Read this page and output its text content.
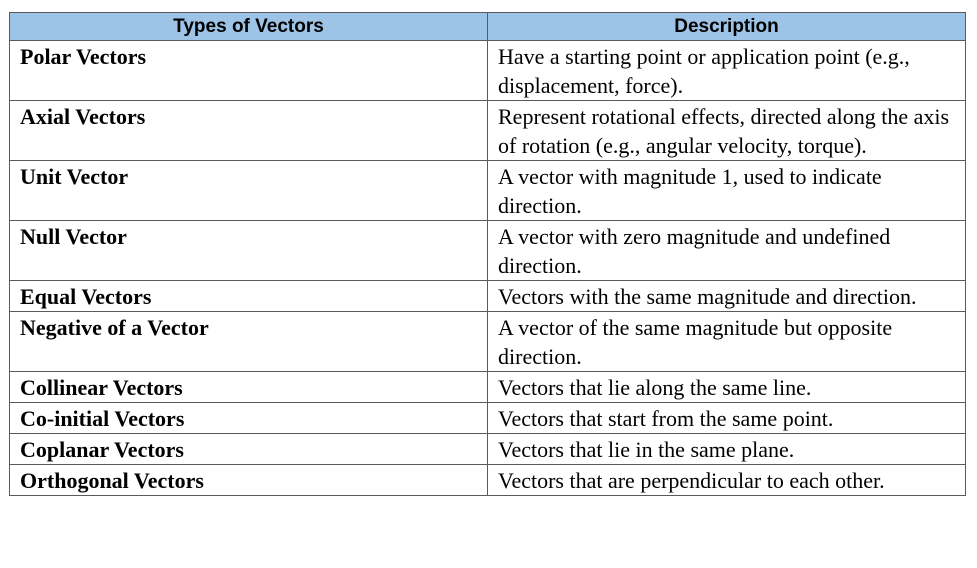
Types of Vectors	Description
Polar Vectors	Have a starting point or application point (e.g., displacement, force).
Axial Vectors	Represent rotational effects, directed along the axis of rotation (e.g., angular velocity, torque).
Unit Vector	A vector with magnitude 1, used to indicate direction.
Null Vector	A vector with zero magnitude and undefined direction.
Equal Vectors	Vectors with the same magnitude and direction.
Negative of a Vector	A vector of the same magnitude but opposite direction.
Collinear Vectors	Vectors that lie along the same line.
Co-initial Vectors	Vectors that start from the same point.
Coplanar Vectors	Vectors that lie in the same plane.
Orthogonal Vectors	Vectors that are perpendicular to each other.
